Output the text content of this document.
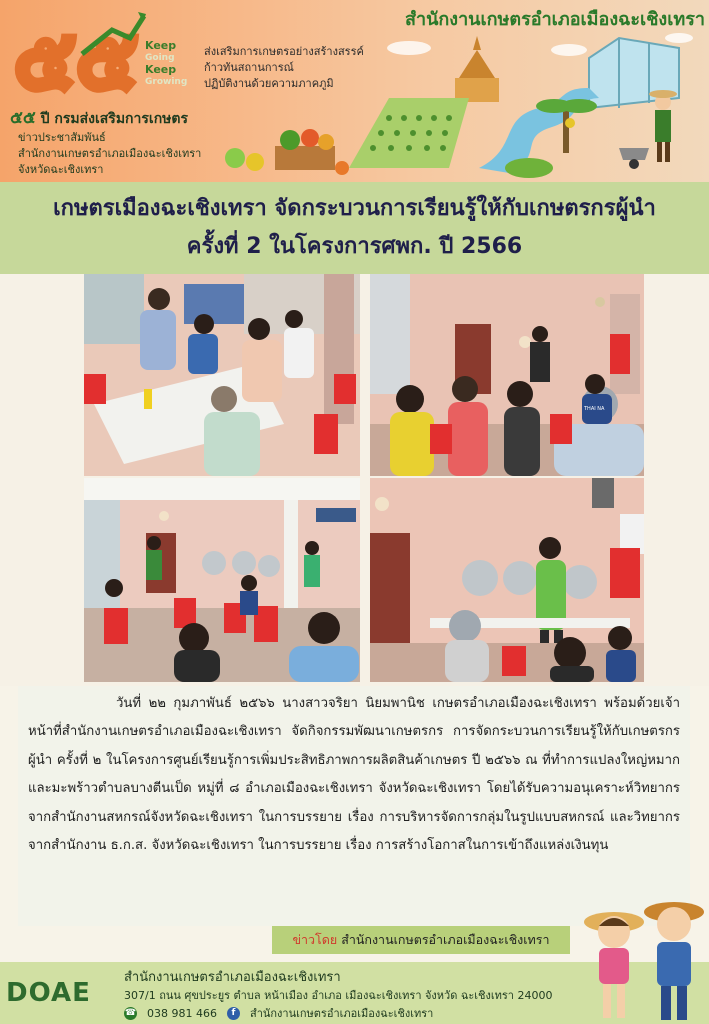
๕๕ Keep
Going
Keep
Growing
ส่งเสริมการเกษตรอย่างสร้างสรรค์
ก้าวทันสถานการณ์
ปฏิบัติงานด้วยความภาคภูมิ
๕๕ ปี กรมส่งเสริมการเกษตร
ข่าวประชาสัมพันธ์
สำนักงานเกษตรอำเภอเมืองฉะเชิงเทรา
จังหวัดฉะเชิงเทรา
สำนักงานเกษตรอำเภอเมืองฉะเชิงเทรา
เกษตรเมืองฉะเชิงเทรา จัดกระบวนการเรียนรู้ให้กับเกษตรกรผู้นำ
ครั้งที่ 2 ในโครงการศพก. ปี 2566
THAI NA

วันที่ ๒๒ กุมภาพันธ์ ๒๕๖๖ นางสาวจริยา นิยมพานิช เกษตรอำเภอเมืองฉะเชิงเทรา พร้อมด้วยเจ้าหน้าที่สำนักงานเกษตรอำเภอเมืองฉะเชิงเทรา จัดกิจกรรมพัฒนาเกษตรกร การจัดกระบวนการเรียนรู้ให้กับเกษตรกรผู้นำ ครั้งที่ ๒ ในโครงการศูนย์เรียนรู้การเพิ่มประสิทธิภาพการผลิตสินค้าเกษตร ปี ๒๕๖๖ ณ ที่ทำการแปลงใหญ่หมากและมะพร้าวตำบลบางตีนเป็ด หมู่ที่ ๘ อำเภอเมืองฉะเชิงเทรา จังหวัดฉะเชิงเทรา โดยได้รับความอนุเคราะห์วิทยากรจากสำนักงานสหกรณ์จังหวัดฉะเชิงเทรา ในการบรรยาย เรื่อง การบริหารจัดการกลุ่มในรูปแบบสหกรณ์ และวิทยากรจากสำนักงาน ธ.ก.ส. จังหวัดฉะเชิงเทรา ในการบรรยาย เรื่อง การสร้างโอกาสในการเข้าถึงแหล่งเงินทุน

ข่าวโดย สำนักงานเกษตรอำเภอเมืองฉะเชิงเทรา
DOAE
สำนักงานเกษตรอำเภอเมืองฉะเชิงเทรา
307/1 ถนน ศุขประยูร ตำบล หน้าเมือง อำเภอ เมืองฉะเชิงเทรา จังหวัด ฉะเชิงเทรา 24000
☎ 038 981 466	f	สำนักงานเกษตรอำเภอเมืองฉะเชิงเทรา
